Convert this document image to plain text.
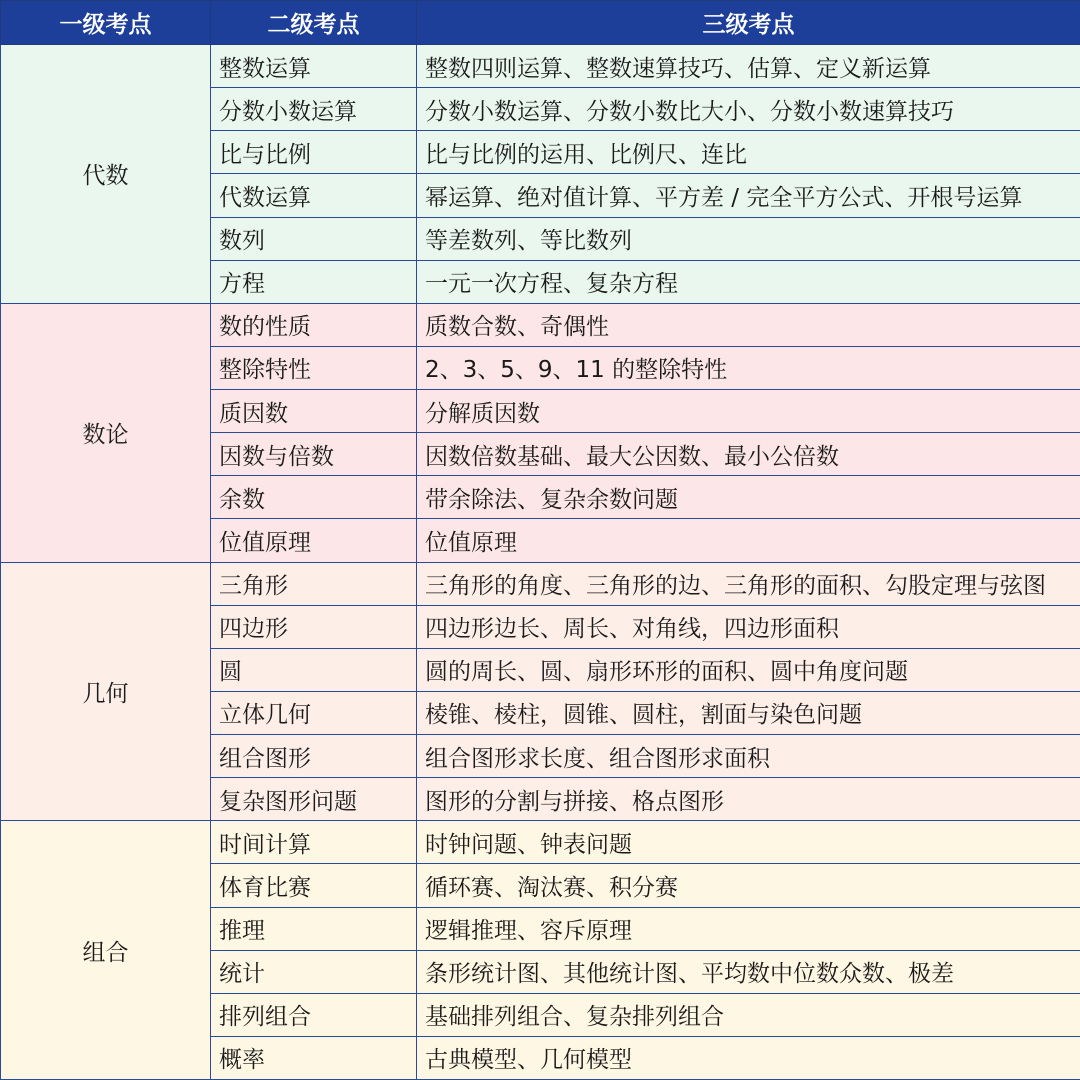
一级考点	二级考点	三级考点
代数	整数运算	整数四则运算、整数速算技巧、估算、定义新运算
	分数小数运算	分数小数运算、分数小数比大小、分数小数速算技巧
	比与比例	比与比例的运用、比例尺、连比
	代数运算	幂运算、绝对值计算、平方差 / 完全平方公式、开根号运算
	数列	等差数列、等比数列
	方程	一元一次方程、复杂方程
数论	数的性质	质数合数、奇偶性
	整除特性	2、3、5、9、11 的整除特性
	质因数	分解质因数
	因数与倍数	因数倍数基础、最大公因数、最小公倍数
	余数	带余除法、复杂余数问题
	位值原理	位值原理
几何	三角形	三角形的角度、三角形的边、三角形的面积、勾股定理与弦图
	四边形	四边形边长、周长、对角线，四边形面积
	圆	圆的周长、圆、扇形环形的面积、圆中角度问题
	立体几何	棱锥、棱柱，圆锥、圆柱，割面与染色问题
	组合图形	组合图形求长度、组合图形求面积
	复杂图形问题	图形的分割与拼接、格点图形
组合	时间计算	时钟问题、钟表问题
	体育比赛	循环赛、淘汰赛、积分赛
	推理	逻辑推理、容斥原理
	统计	条形统计图、其他统计图、平均数中位数众数、极差
	排列组合	基础排列组合、复杂排列组合
	概率	古典模型、几何模型
